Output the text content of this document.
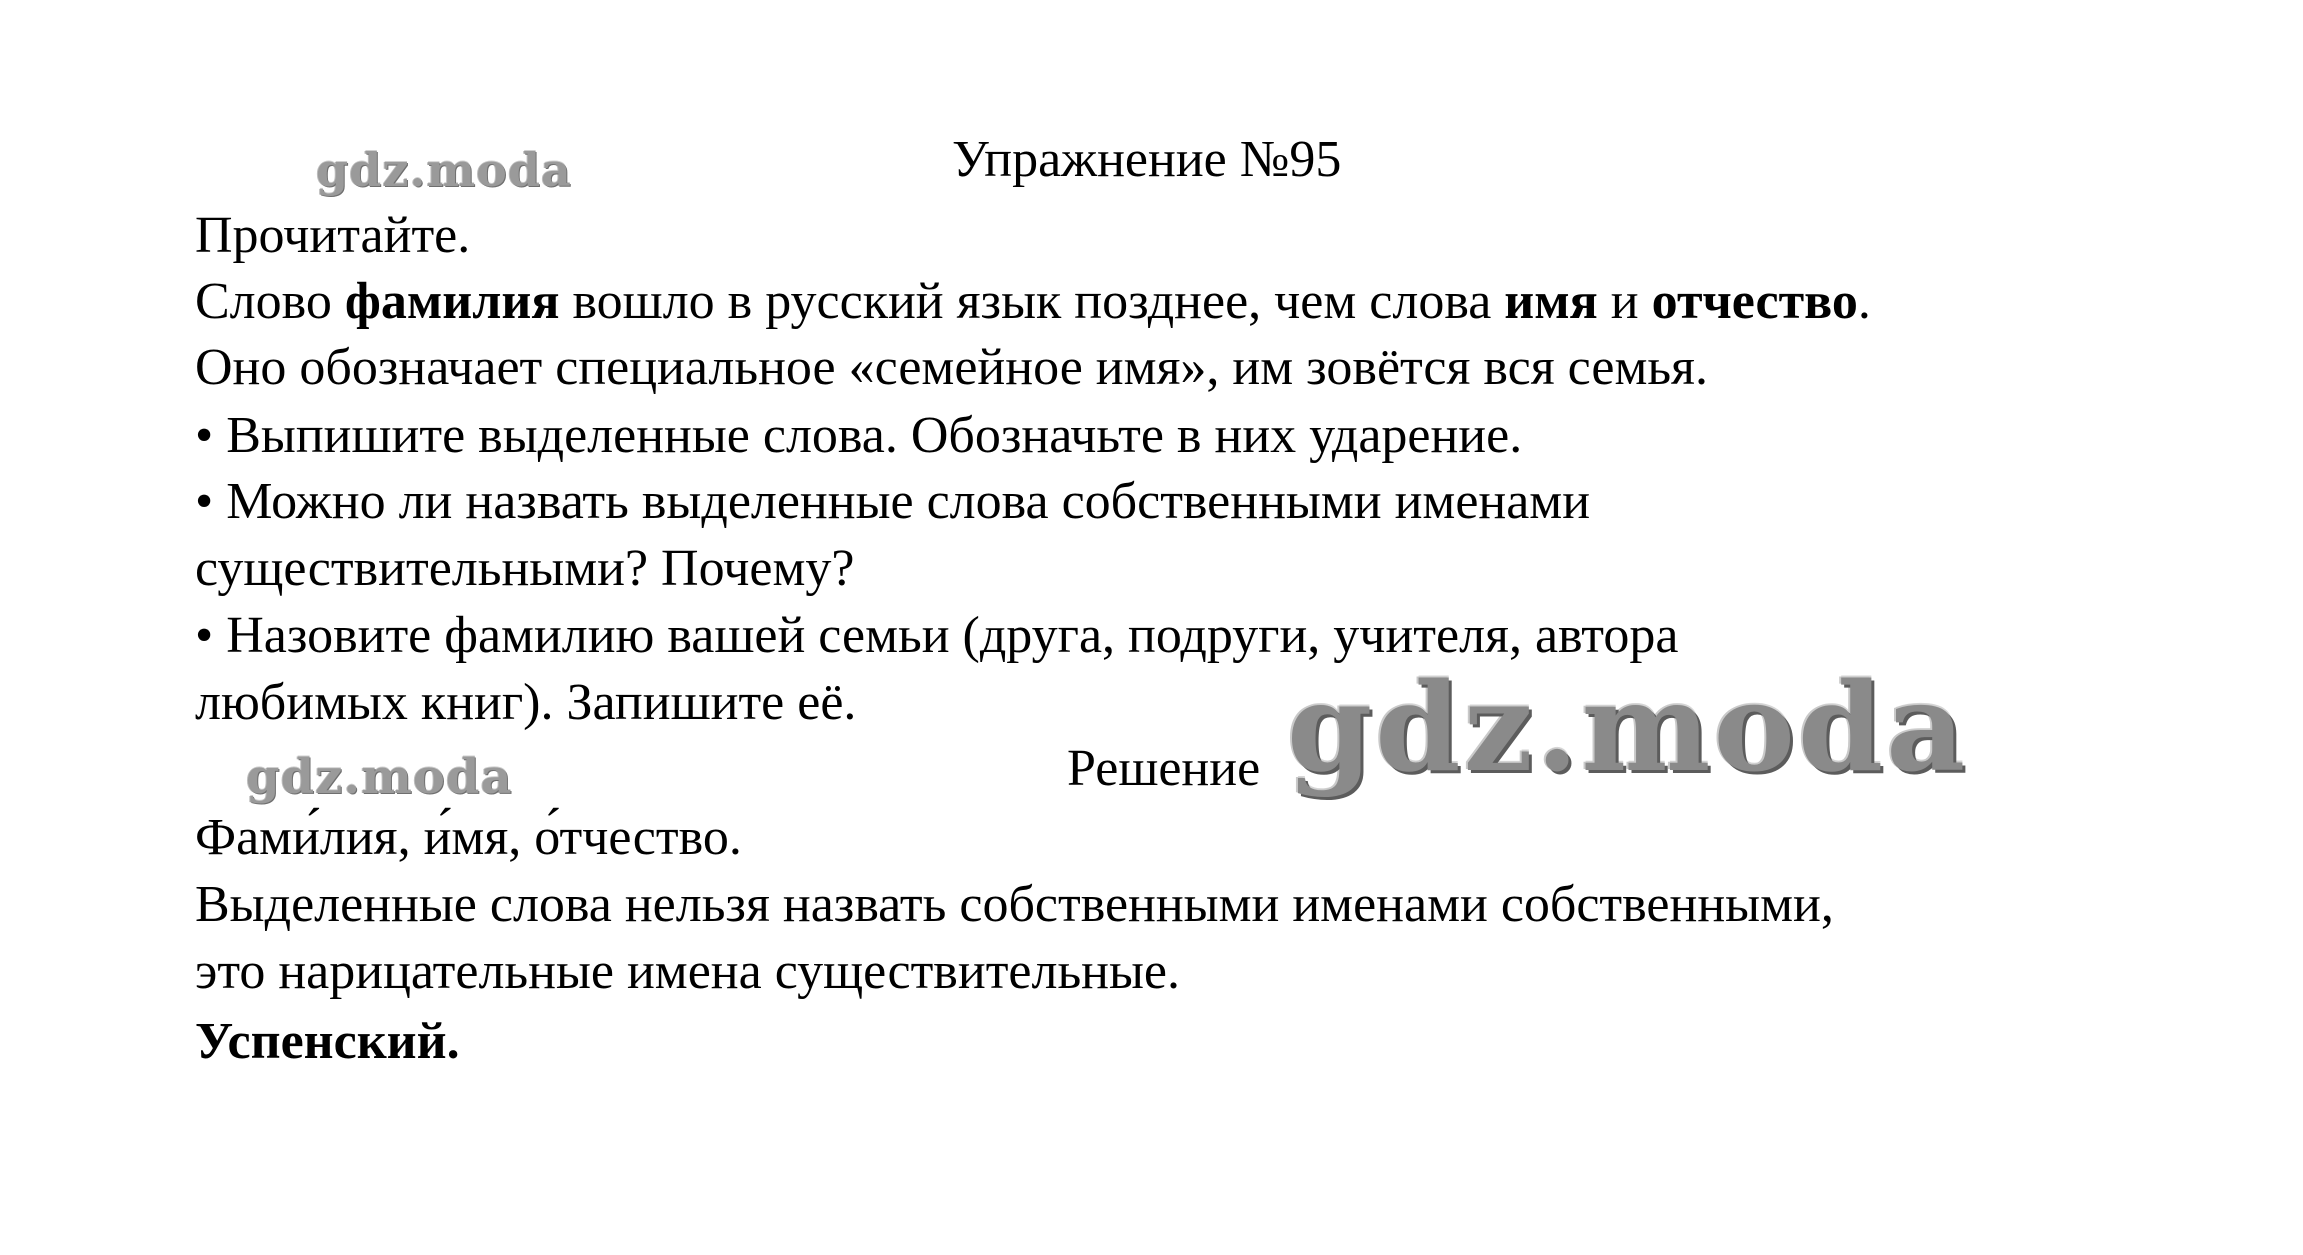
gdz.moda	Упражнение №95
Прочитайте.
Слово фамилия вошло в русский язык позднее, чем слова имя и отчество.
Оно обозначает специальное «семейное имя», им зовётся вся семья.
• Выпишите выделенные слова. Обозначьте в них ударение.
• Можно ли назвать выделенные слова собственными именами
существительными? Почему?
• Назовите фамилию вашей семьи (друга, подруги, учителя, автора
любимых книг). Запишите её.
gdz.moda	Решение gdz.moda
Фами́лия, и́мя, о́тчество.
Выделенные слова нельзя назвать собственными именами собственными,
это нарицательные имена существительные.
Успенский.
